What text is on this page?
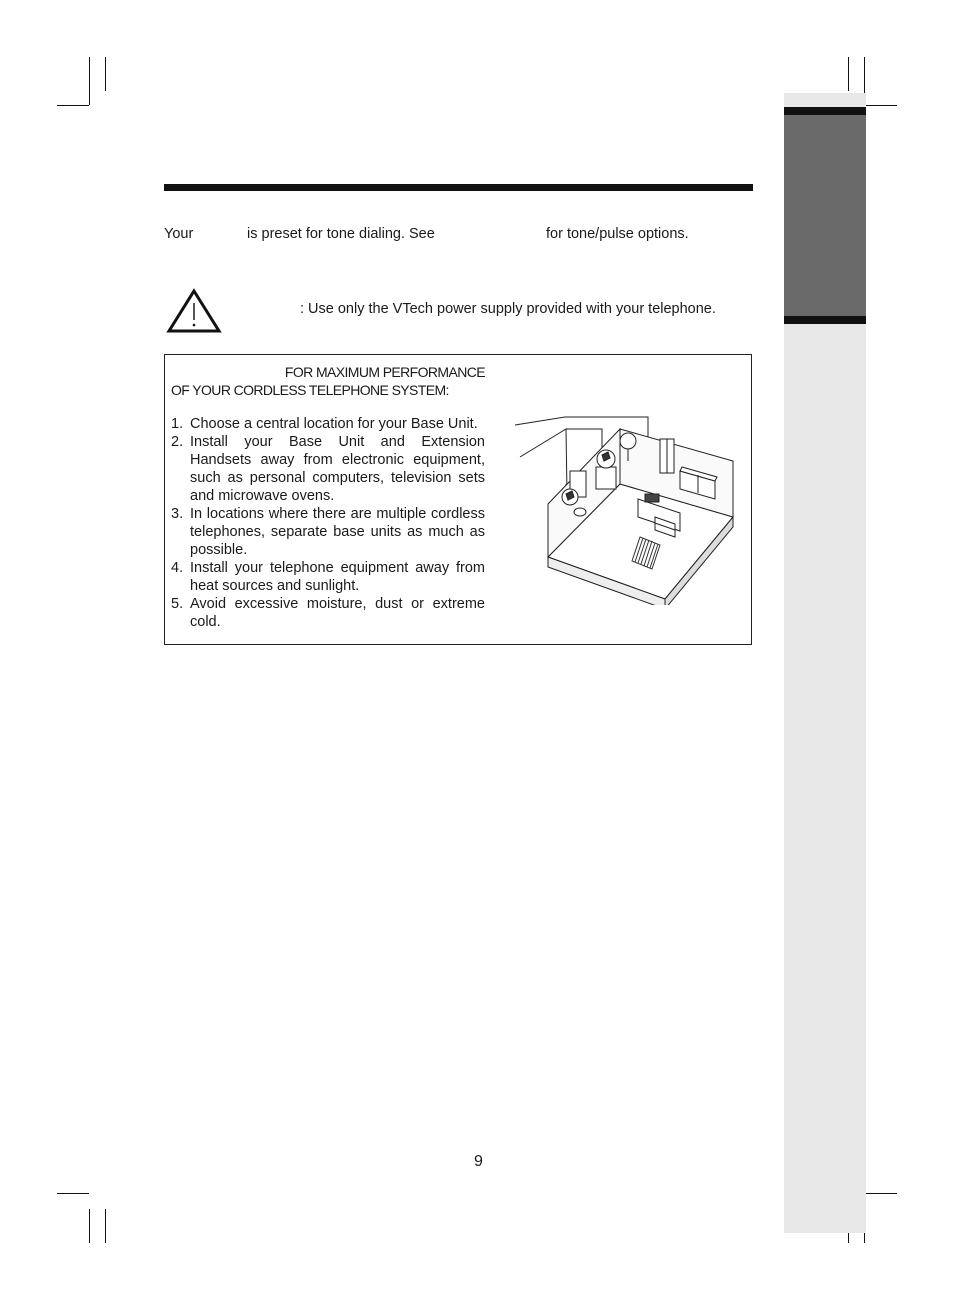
Your	is preset for tone dialing. See	for tone/pulse options.
: Use only the VTech power supply provided with your telephone.
FOR MAXIMUM PERFORMANCE
OF YOUR CORDLESS TELEPHONE SYSTEM:
1. Choose a central location for your Base Unit.
2. Install your Base Unit and Extension Handsets away from electronic equipment, such as personal computers, television sets and microwave ovens.
3. In locations where there are multiple cordless telephones, separate base units as much as possible.
4. Install your telephone equipment away from heat sources and sunlight.
5. Avoid excessive moisture, dust or extreme cold.
9
